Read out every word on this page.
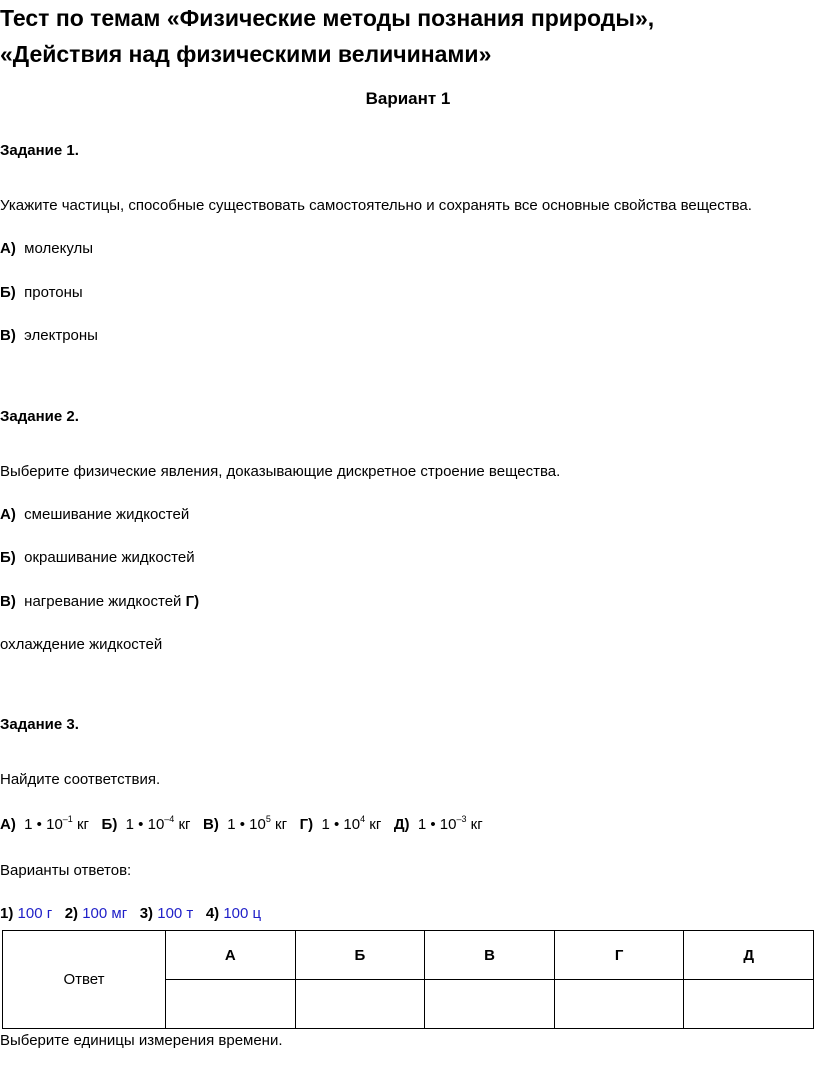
Тест по темам «Физические методы познания природы»,
«Действия над физическими величинами»
Вариант 1
Задание 1.
Укажите частицы, способные существовать самостоятельно и сохранять все основные свойства вещества.
А) молекулы
Б) протоны
В) электроны
Задание 2.
Выберите физические явления, доказывающие дискретное строение вещества.
А) смешивание жидкостей
Б) окрашивание жидкостей
В) нагревание жидкостей Г)
охлаждение жидкостей
Задание 3.
Найдите соответствия.
А) 1 • $10^{-1}$ кг Б) 1 • $10^{-4}$ кг В) 1 • $10^5$ кг Г) 1 • $10^4$ кг Д) 1 • $10^{-3}$ кг
Варианты ответов:
1) 100 г 2) 100 мг 3) 100 т 4) 100 ц
Ответ	А	Б	В	Г	Д

Выберите единицы измерения времени.
